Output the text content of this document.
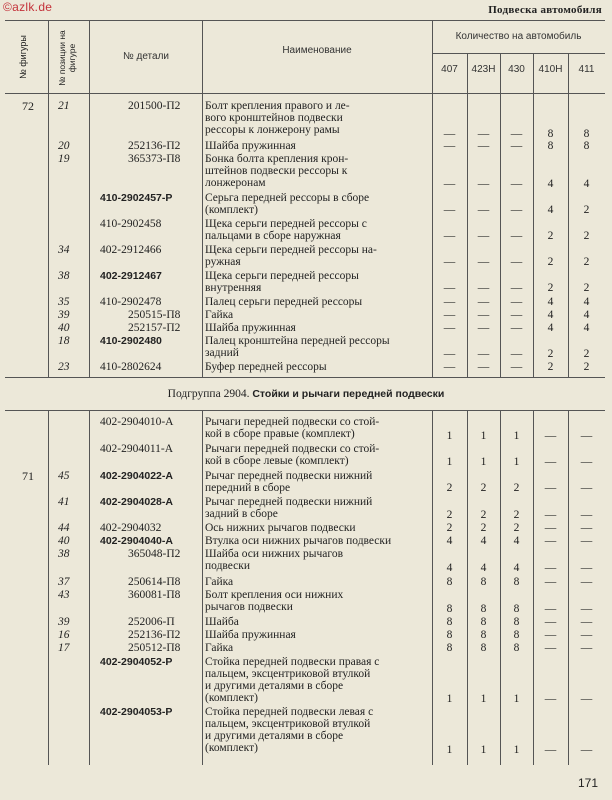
©azlk.de	Подвеска автомобиля
№ фигуры	№ позиции на фигуре	№ детали
Наименование
Количество на автомобиль
407	423Н	430	410Н	411
72	21	201500-П2 Болт крепления правого и ле-
вого кронштейнов подвески
рессоры к лонжерону рамы	—	—	—	8	8
20	252136-П2 Шайба пружинная	—	—	—	8	8
19	365373-П8 Бонка болта крепления крон-
штейнов подвески рессоры к
лонжеронам	—	—	—	4	4
410-2902457-Р	Серьга передней рессоры в сборе
(комплект)	—	—	—	4	2
410-2902458	Щека серьги передней рессоры с
пальцами в сборе наружная	—	—	—	2	2
34	402-2912466	Щека серьги передней рессоры на-
ружная	—	—	—	2	2
38	402-2912467	Щека серьги передней рессоры
внутренняя	—	—	—	2	2
35	410-2902478	Палец серьги передней рессоры	—	—	—	4	4
39	250515-П8 Гайка	—	—	—	4	4
40	252157-П2 Шайба пружинная	—	—	—	4	4
18	410-2902480	Палец кронштейна передней рессоры
задний	—	—	—	2	2
23	410-2802624	Буфер передней рессоры	—	—	—	2	2
Подгруппа 2904. Стойки и рычаги передней подвески
402-2904010-А	Рычаги передней подвески со стой-
кой в сборе правые (комплект)	1	1	1	—	—
402-2904011-А	Рычаги передней подвески со стой-
кой в сборе левые (комплект)	1	1	1	—	—
71	45	402-2904022-А	Рычаг передней подвески нижний
передний в сборе	2	2	2	—	—
41	402-2904028-А	Рычаг передней подвески нижний
задний в сборе	2	2	2	—	—
44	402-2904032	Ось нижних рычагов подвески	2	2	2	—	—
40	402-2904040-А	Втулка оси нижних рычагов подвески	4	4	4	—	—
38	365048-П2 Шайба оси нижних рычагов
подвески	4	4	4	—	—
37	250614-П8 Гайка	8	8	8	—	—
43	360081-П8 Болт крепления оси нижних
рычагов подвески	8	8	8	—	—
39	252006-П	Шайба	8	8	8	—	—
16	252136-П2 Шайба пружинная	8	8	8	—	—
17	250512-П8 Гайка	8	8	8	—	—
402-2904052-Р	Стойка передней подвески правая с
пальцем, эксцентриковой втулкой
и другими деталями в сборе
(комплект)	1	1	1	—	—
402-2904053-Р	Стойка передней подвески левая с
пальцем, эксцентриковой втулкой
и другими деталями в сборе
(комплект)	1	1	1	—	—
171
